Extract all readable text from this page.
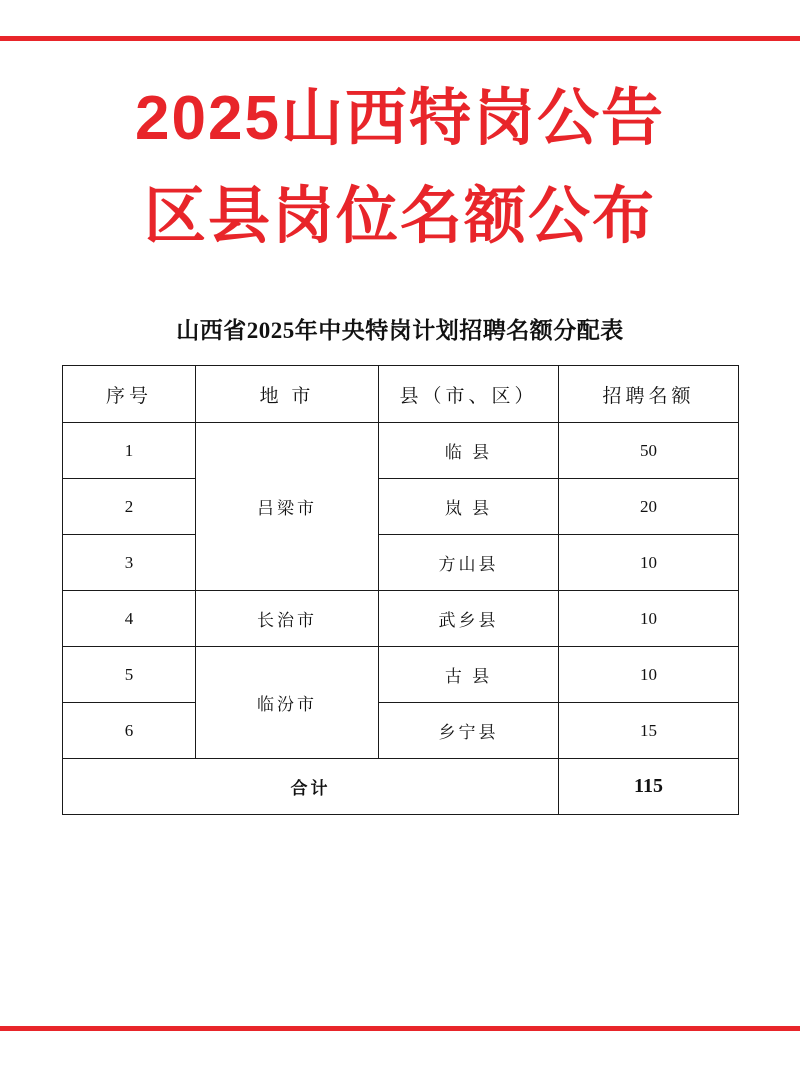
2025山西特岗公告
区县岗位名额公布
山西省2025年中央特岗计划招聘名额分配表
序号	地 市	县（市、区）	招聘名额
1	吕梁市	临 县	50
2		岚 县	20
3		方山县	10
4	长治市	武乡县	10
5	临汾市	古 县	10
6		乡宁县	15
合计			115
